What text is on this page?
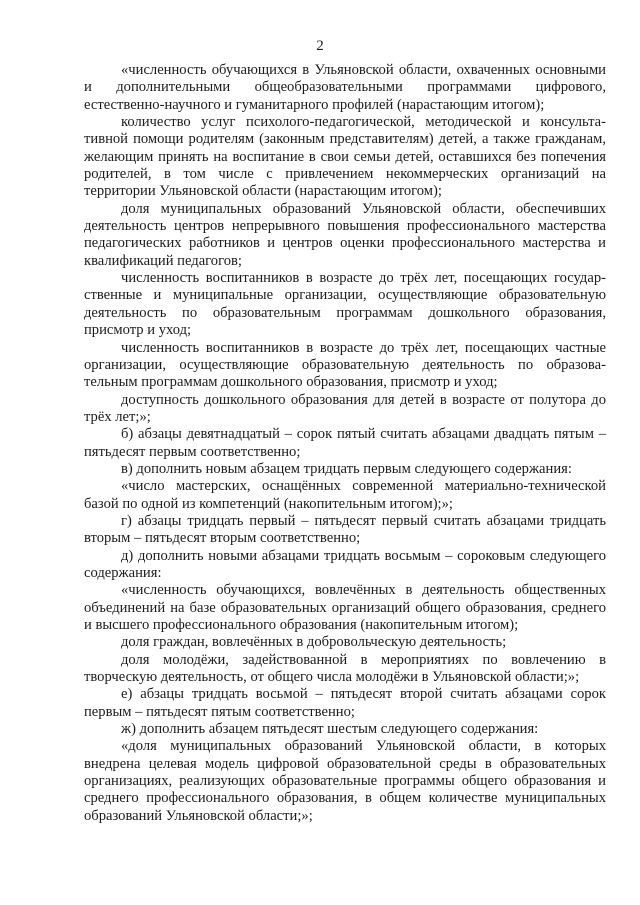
2

«численность обучающихся в Ульяновской области, охваченных основными и дополнительными общеобразовательными программами цифрового, естественно-научного и гуманитарного профилей (нарастающим итогом);

количество услуг психолого-педагогической, методической и консультативной помощи родителям (законным представителям) детей, а также гражданам, желающим принять на воспитание в свои семьи детей, оставшихся без попечения родителей, в том числе с привлечением некоммерческих организаций на территории Ульяновской области (нарастающим итогом);

доля муниципальных образований Ульяновской области, обеспечивших деятельность центров непрерывного повышения профессионального мастерства педагогических работников и центров оценки профессионального мастерства и квалификаций педагогов;

численность воспитанников в возрасте до трёх лет, посещающих государственные и муниципальные организации, осуществляющие образовательную деятельность по образовательным программам дошкольного образования, присмотр и уход;

численность воспитанников в возрасте до трёх лет, посещающих частные организации, осуществляющие образовательную деятельность по образовательным программам дошкольного образования, присмотр и уход;

доступность дошкольного образования для детей в возрасте от полутора до трёх лет;»;

б) абзацы девятнадцатый – сорок пятый считать абзацами двадцать пятым – пятьдесят первым соответственно;

в) дополнить новым абзацем тридцать первым следующего содержания:

«число мастерских, оснащённых современной материально-технической базой по одной из компетенций (накопительным итогом);»;

г) абзацы тридцать первый – пятьдесят первый считать абзацами тридцать вторым – пятьдесят вторым соответственно;

д) дополнить новыми абзацами тридцать восьмым – сороковым следующего содержания:

«численность обучающихся, вовлечённых в деятельность общественных объединений на базе образовательных организаций общего образования, среднего и высшего профессионального образования (накопительным итогом);

доля граждан, вовлечённых в добровольческую деятельность;

доля молодёжи, задействованной в мероприятиях по вовлечению в творческую деятельность, от общего числа молодёжи в Ульяновской области;»;

е) абзацы тридцать восьмой – пятьдесят второй считать абзацами сорок первым – пятьдесят пятым соответственно;

ж) дополнить абзацем пятьдесят шестым следующего содержания:

«доля муниципальных образований Ульяновской области, в которых внедрена целевая модель цифровой образовательной среды в образовательных организациях, реализующих образовательные программы общего образования и среднего профессионального образования, в общем количестве муниципальных образований Ульяновской области;»;
